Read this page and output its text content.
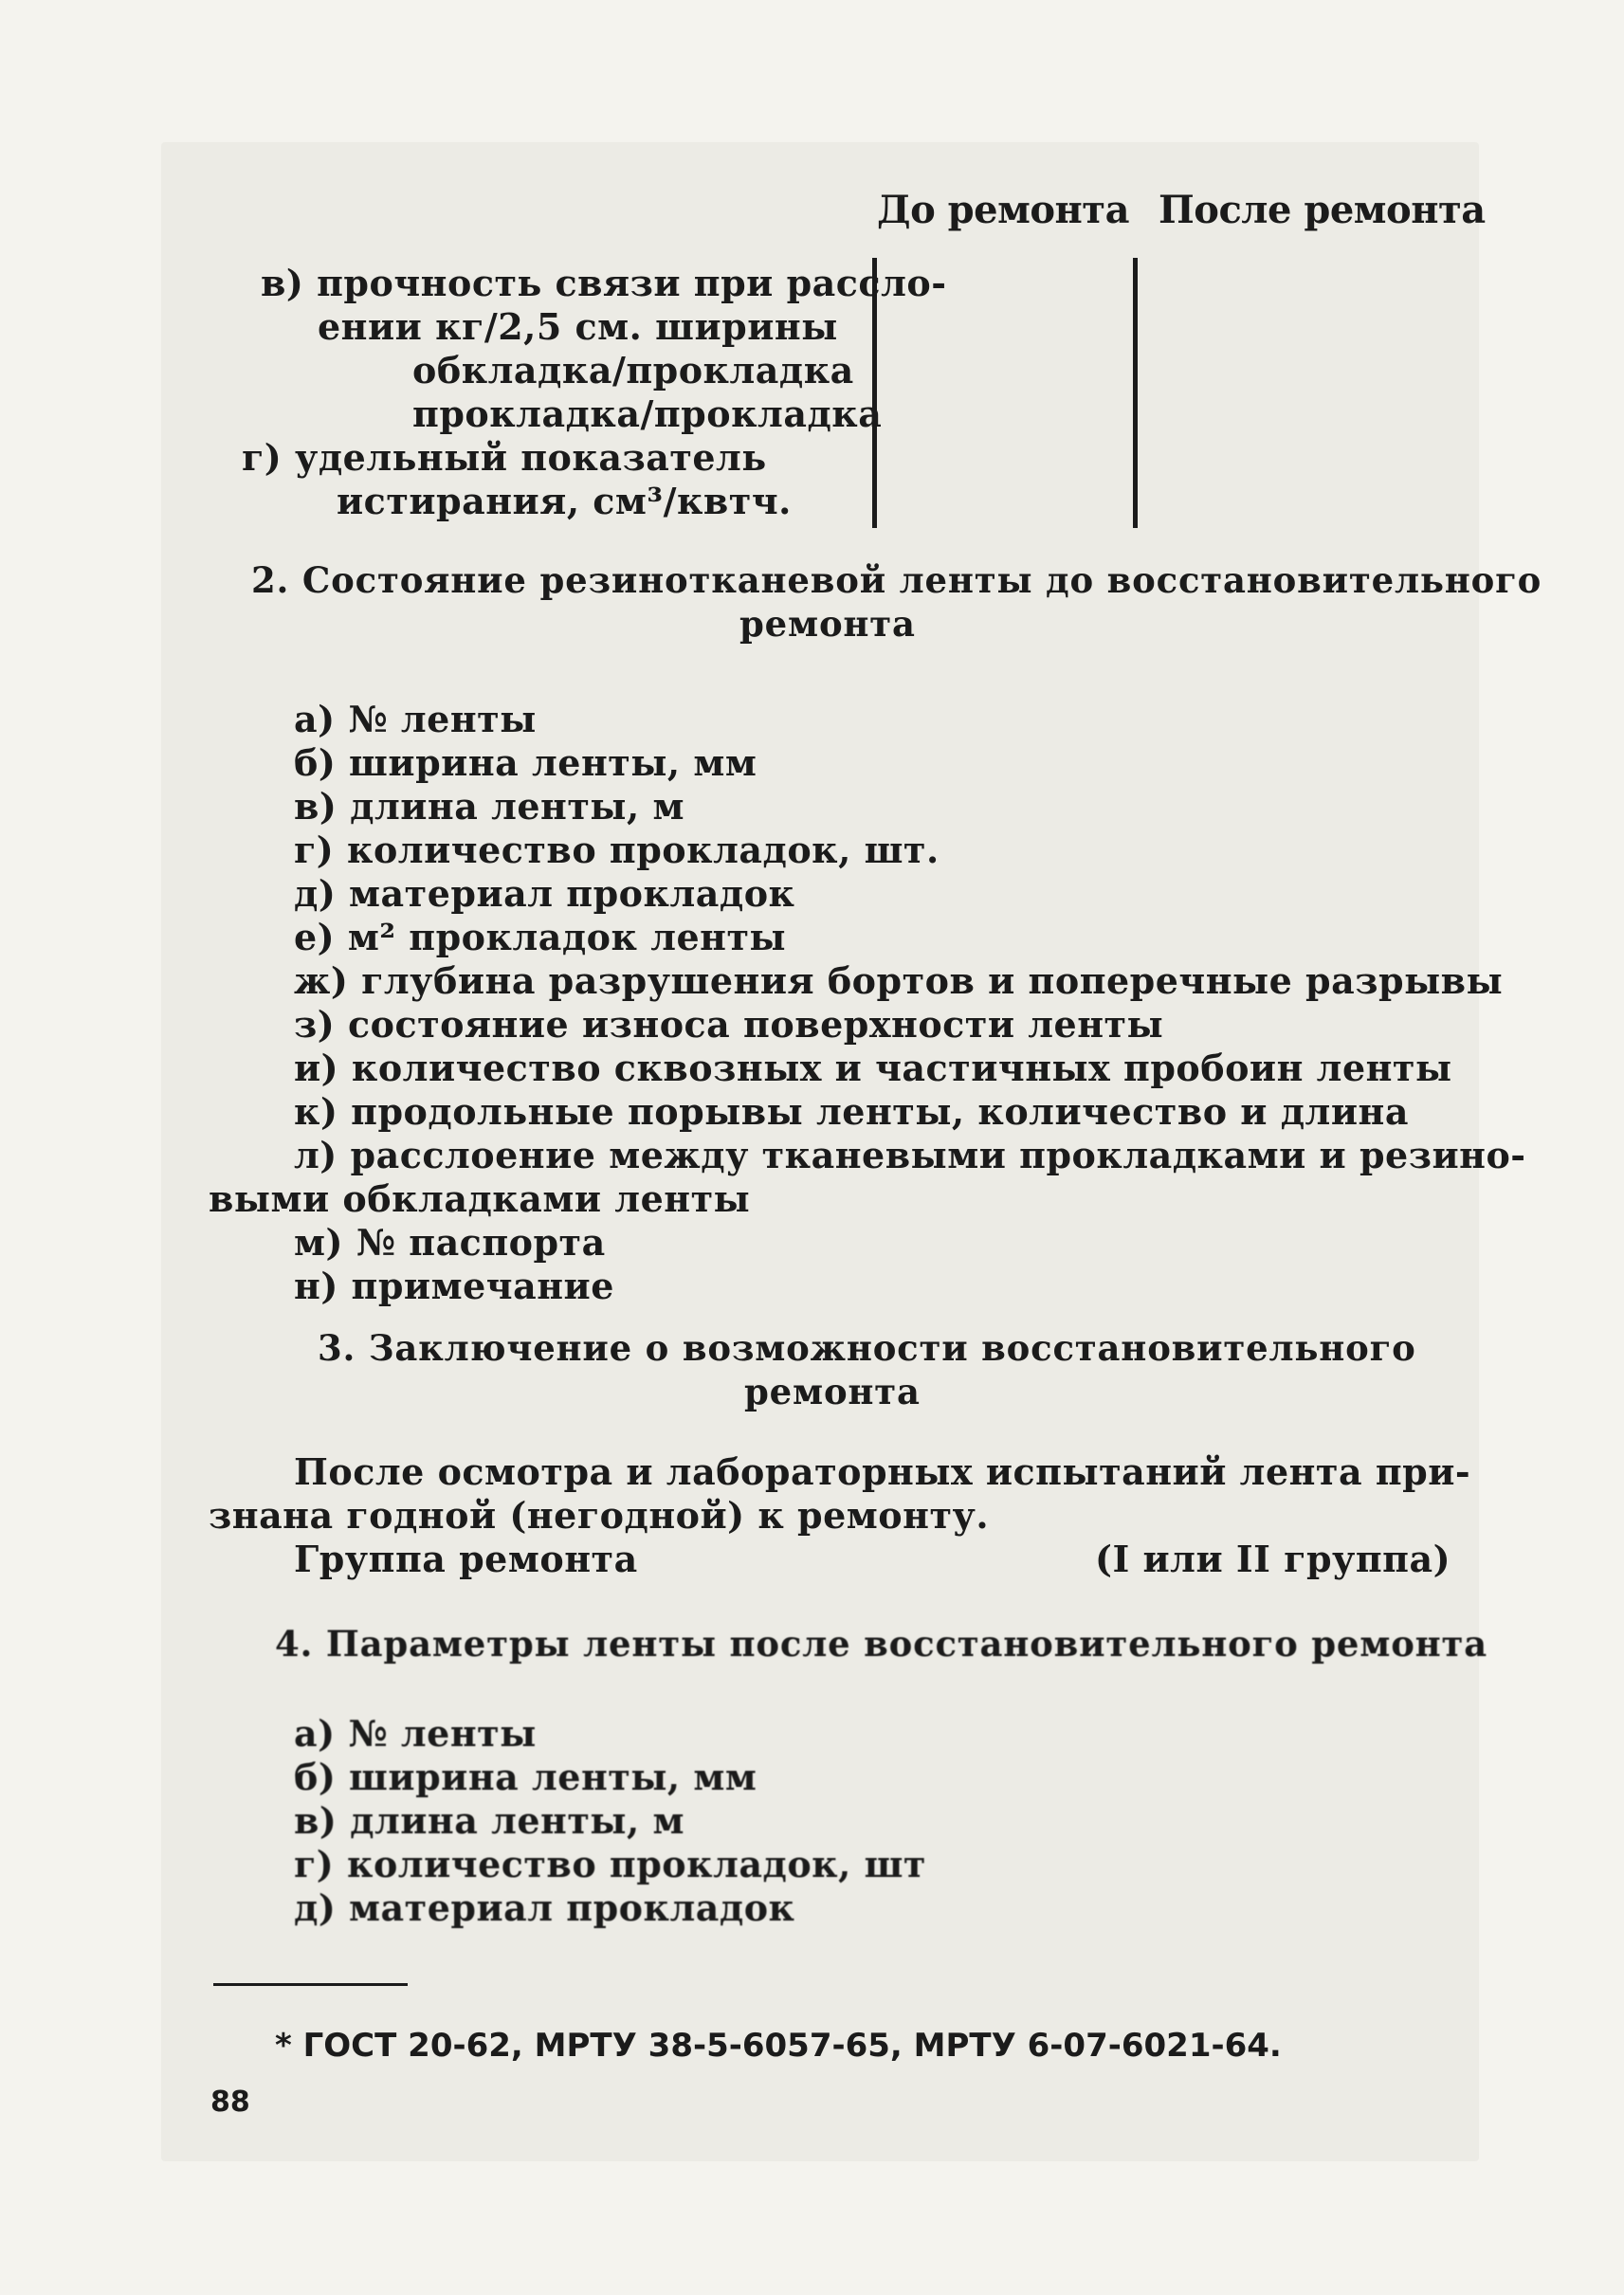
До ремонта После ремонта
в) прочность связи при рассло-
ении кг/2,5 см. ширины
обкладка/прокладка
прокладка/прокладка
г) удельный показатель
истирания, см³/квтч.
2. Состояние резинотканевой ленты до восстановительного
ремонта
а) № ленты
б) ширина ленты, мм
в) длина ленты, м
г) количество прокладок, шт.
д) материал прокладок
е) м² прокладок ленты
ж) глубина разрушения бортов и поперечные разрывы
з) состояние износа поверхности ленты
и) количество сквозных и частичных пробоин ленты
к) продольные порывы ленты, количество и длина
л) расслоение между тканевыми прокладками и резино-
выми обкладками ленты
м) № паспорта
н) примечание
3. Заключение о возможности восстановительного
ремонта
После осмотра и лабораторных испытаний лента при-
знана годной (негодной) к ремонту.
Группа ремонта	(I или II группа)
4. Параметры ленты после восстановительного ремонта
а) № ленты
б) ширина ленты, мм
в) длина ленты, м
г) количество прокладок, шт
д) материал прокладок
* ГОСТ 20-62, МРТУ 38-5-6057-65, МРТУ 6-07-6021-64.
88
